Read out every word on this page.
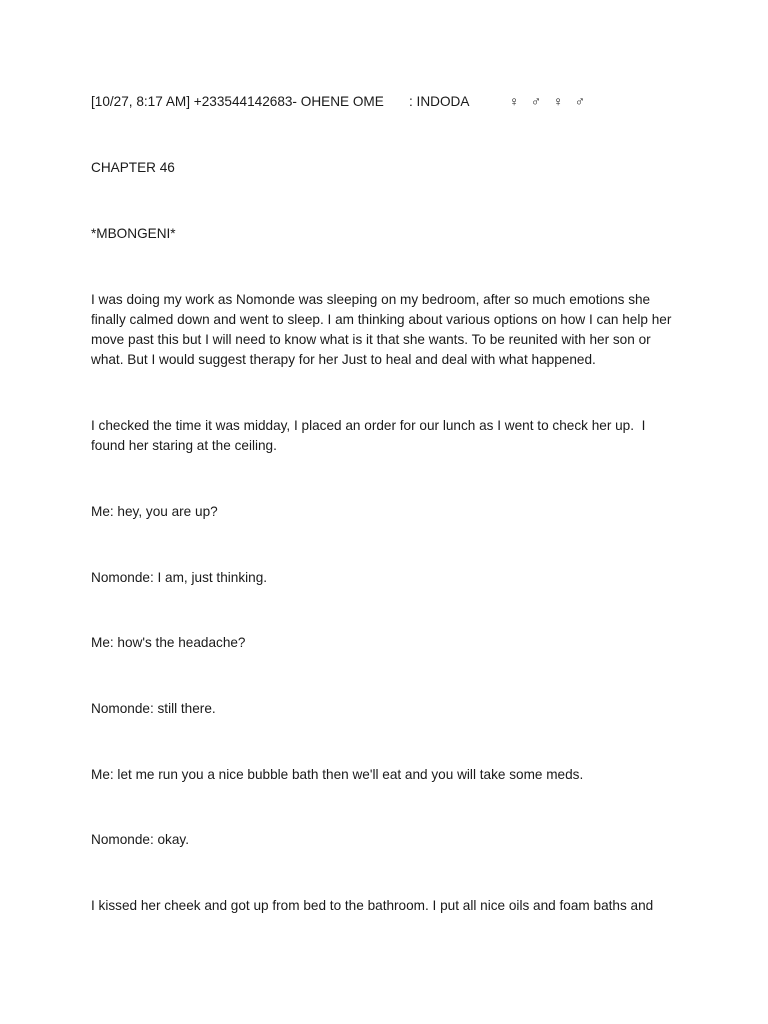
[10/27, 8:17 AM] +233544142683- OHENE OME

: INDODA

	♀︎ ♂ ♀︎ ♂

CHAPTER 46

*MBONGENI*

I was doing my work as Nomonde was sleeping on my bedroom, after so much emotions she finally calmed down and went to sleep. I am thinking about various options on how I can help her move past this but I will need to know what is it that she wants. To be reunited with her son or what. But I would suggest therapy for her Just to heal and deal with what happened.

I checked the time it was midday, I placed an order for our lunch as I went to check her up.  I found her staring at the ceiling.

Me: hey, you are up?

Nomonde: I am, just thinking.

Me: how's the headache?

Nomonde: still there.

Me: let me run you a nice bubble bath then we'll eat and you will take some meds.

Nomonde: okay.

I kissed her cheek and got up from bed to the bathroom. I put all nice oils and foam baths and
